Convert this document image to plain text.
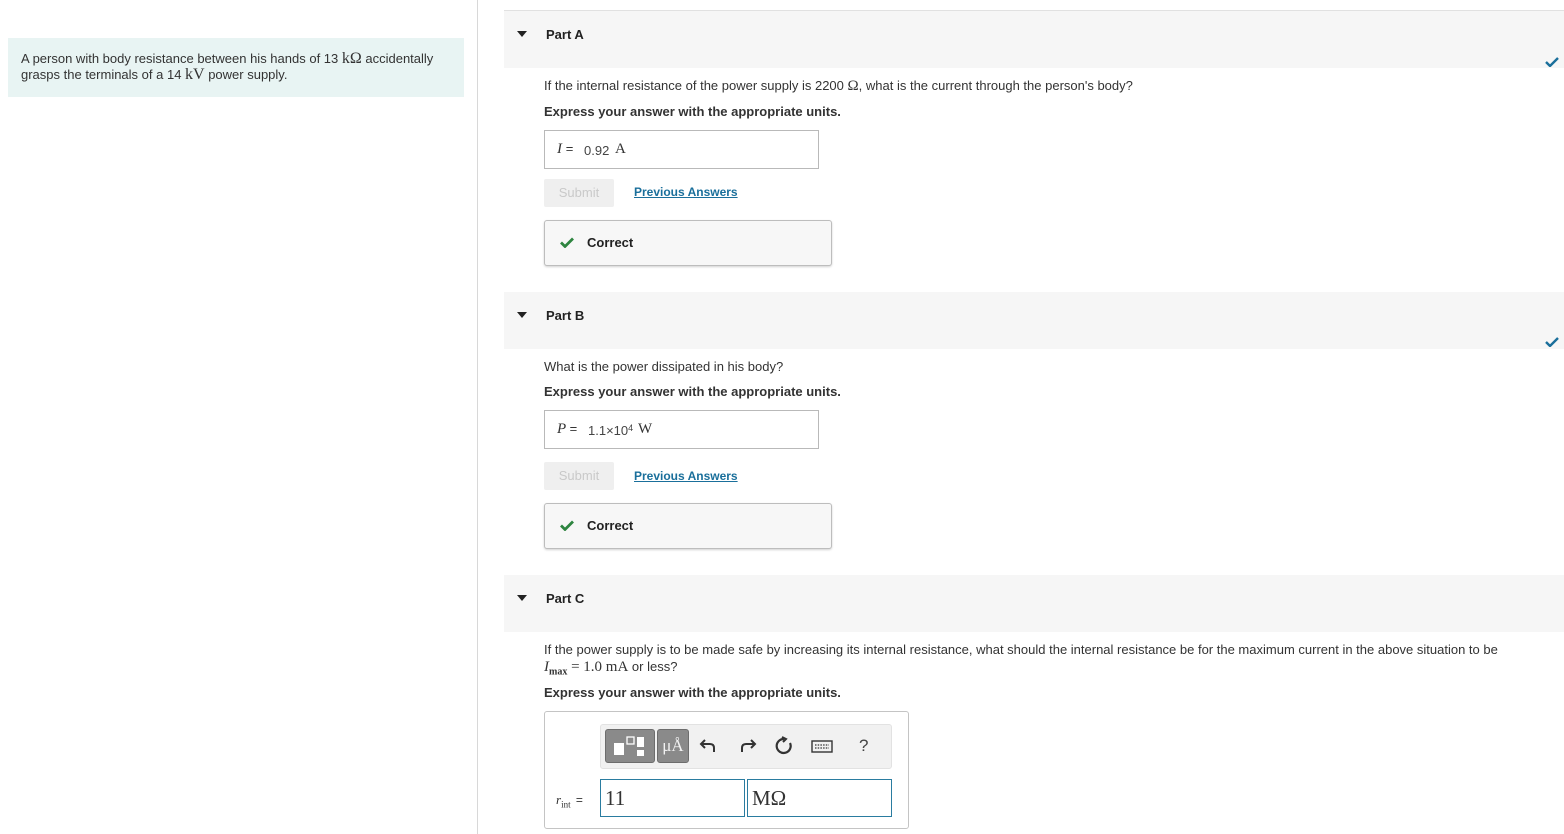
A person with body resistance between his hands of 13 kΩ accidentally
grasps the terminals of a 14 kV power supply.
Part A
If the internal resistance of the power supply is 2200 Ω, what is the current through the person's body?
Express your answer with the appropriate units.
I = 0.92 A
Submit	Previous Answers
Correct
Part B
What is the power dissipated in his body?
Express your answer with the appropriate units.
$P = 1.1\times 10^4$ W
Submit	Previous Answers
Correct
Part C
If the power supply is to be made safe by increasing its internal resistance, what should the internal resistance be for the maximum current in the above situation to be
$I_{max} = 1.0$ mA or less?
Express your answer with the appropriate units.
μÅ	?
$r_{int} = 11$	MΩ
